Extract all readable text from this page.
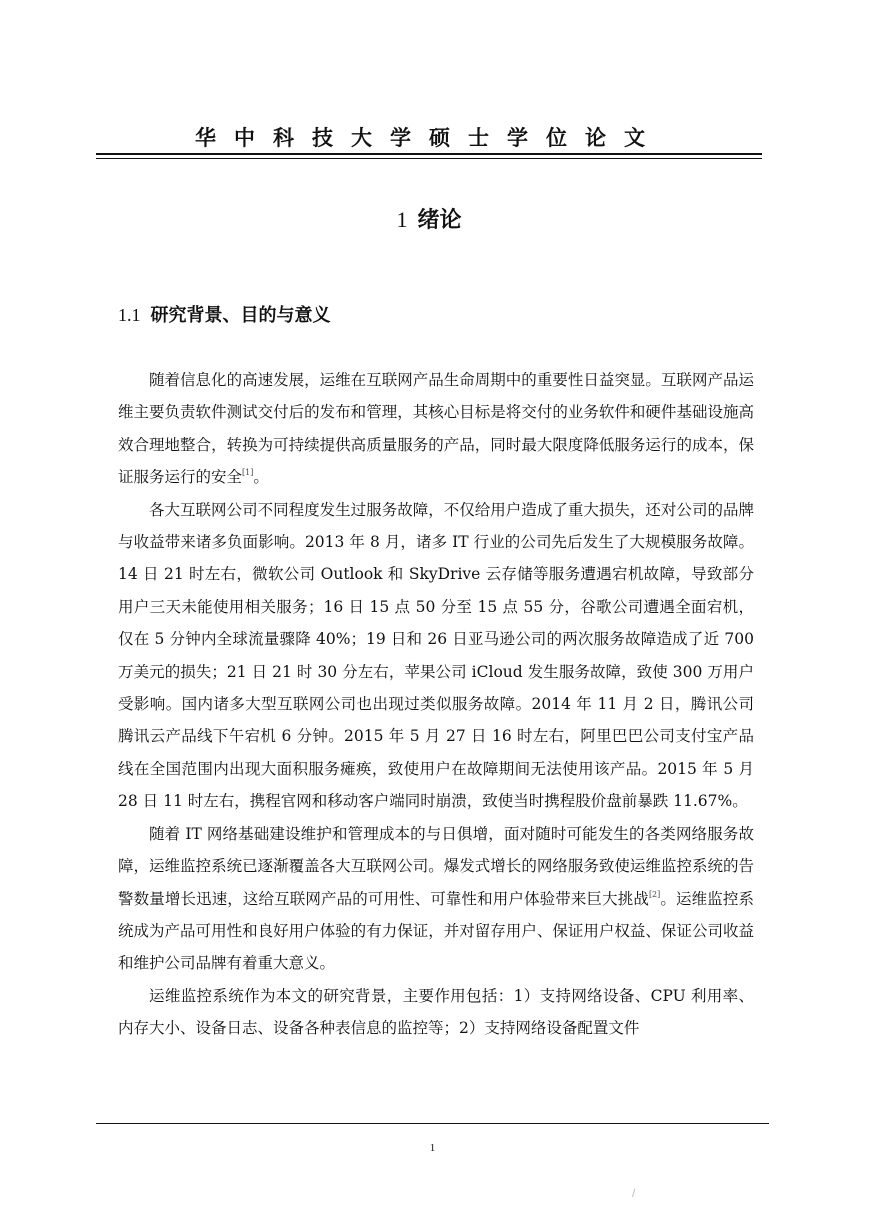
华中科技大学硕士学位论文
1 绪论
1.1 研究背景、目的与意义

随着信息化的高速发展，运维在互联网产品生命周期中的重要性日益突显。互联网产品运维主要负责软件测试交付后的发布和管理，其核心目标是将交付的业务软件和硬件基础设施高效合理地整合，转换为可持续提供高质量服务的产品，同时最大限度降低服务运行的成本，保证服务运行的安全[1]。

各大互联网公司不同程度发生过服务故障，不仅给用户造成了重大损失，还对公司的品牌与收益带来诸多负面影响。2013 年 8 月，诸多 IT 行业的公司先后发生了大规模服务故障。14 日 21 时左右，微软公司 Outlook 和 SkyDrive 云存储等服务遭遇宕机故障，导致部分用户三天未能使用相关服务；16 日 15 点 50 分至 15 点 55 分，谷歌公司遭遇全面宕机，仅在 5 分钟内全球流量骤降 40%；19 日和 26 日亚马逊公司的两次服务故障造成了近 700 万美元的损失；21 日 21 时 30 分左右，苹果公司 iCloud 发生服务故障，致使 300 万用户受影响。国内诸多大型互联网公司也出现过类似服务故障。2014 年 11 月 2 日，腾讯公司腾讯云产品线下午宕机 6 分钟。2015 年 5 月 27 日 16 时左右，阿里巴巴公司支付宝产品线在全国范围内出现大面积服务瘫痪，致使用户在故障期间无法使用该产品。2015 年 5 月 28 日 11 时左右，携程官网和移动客户端同时崩溃，致使当时携程股价盘前暴跌 11.67%。

随着 IT 网络基础建设维护和管理成本的与日俱增，面对随时可能发生的各类网络服务故障，运维监控系统已逐渐覆盖各大互联网公司。爆发式增长的网络服务致使运维监控系统的告警数量增长迅速，这给互联网产品的可用性、可靠性和用户体验带来巨大挑战[2]。运维监控系统成为产品可用性和良好用户体验的有力保证，并对留存用户、保证用户权益、保证公司收益和维护公司品牌有着重大意义。

运维监控系统作为本文的研究背景，主要作用包括：1）支持网络设备、CPU 利用率、内存大小、设备日志、设备各种表信息的监控等；2）支持网络设备配置文件

1
/
